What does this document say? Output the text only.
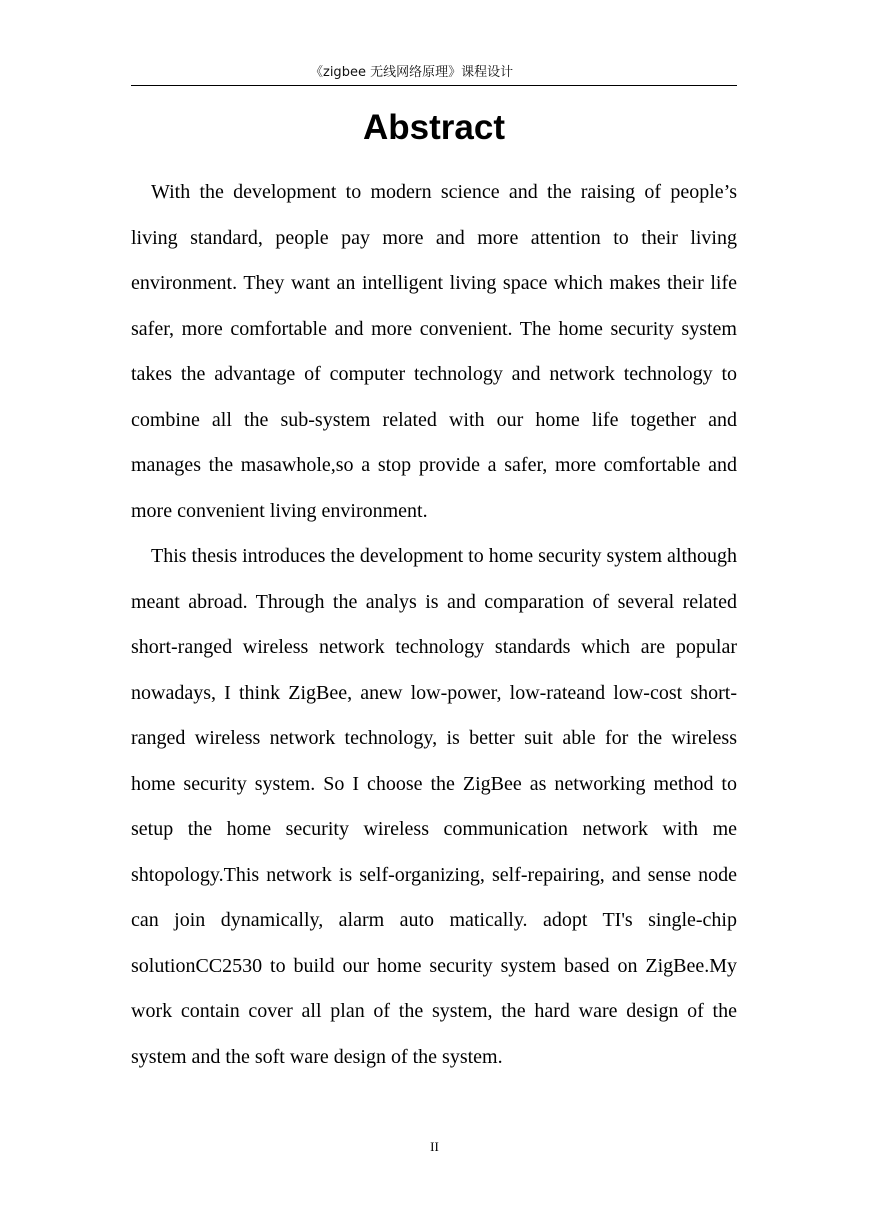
《zigbee 无线网络原理》课程设计
Abstract

With the development to modern science and the raising of people’s living standard, people pay more and more attention to their living environment. They want an intelligent living space which makes their life safer, more comfortable and more convenient. The home security system takes the advantage of computer technology and network technology to combine all the sub-system related with our home life together and manages the masawhole,so a stop provide a safer, more comfortable and more convenient living environment.

This thesis introduces the development to home security system although meant abroad. Through the analys is and comparation of several related short-ranged wireless network technology standards which are popular nowadays, I think ZigBee, anew low-power, low-rateand low-cost short-ranged wireless network technology, is better suit able for the wireless home security system. So I choose the ZigBee as networking method to setup the home security wireless communication network with me shtopology.This network is self-organizing, self-repairing, and sense node can join dynamically, alarm auto matically. adopt TI's single-chip solutionCC2530 to build our home security system based on ZigBee.My work contain cover all plan of the system, the hard ware design of the system and the soft ware design of the system.

II
